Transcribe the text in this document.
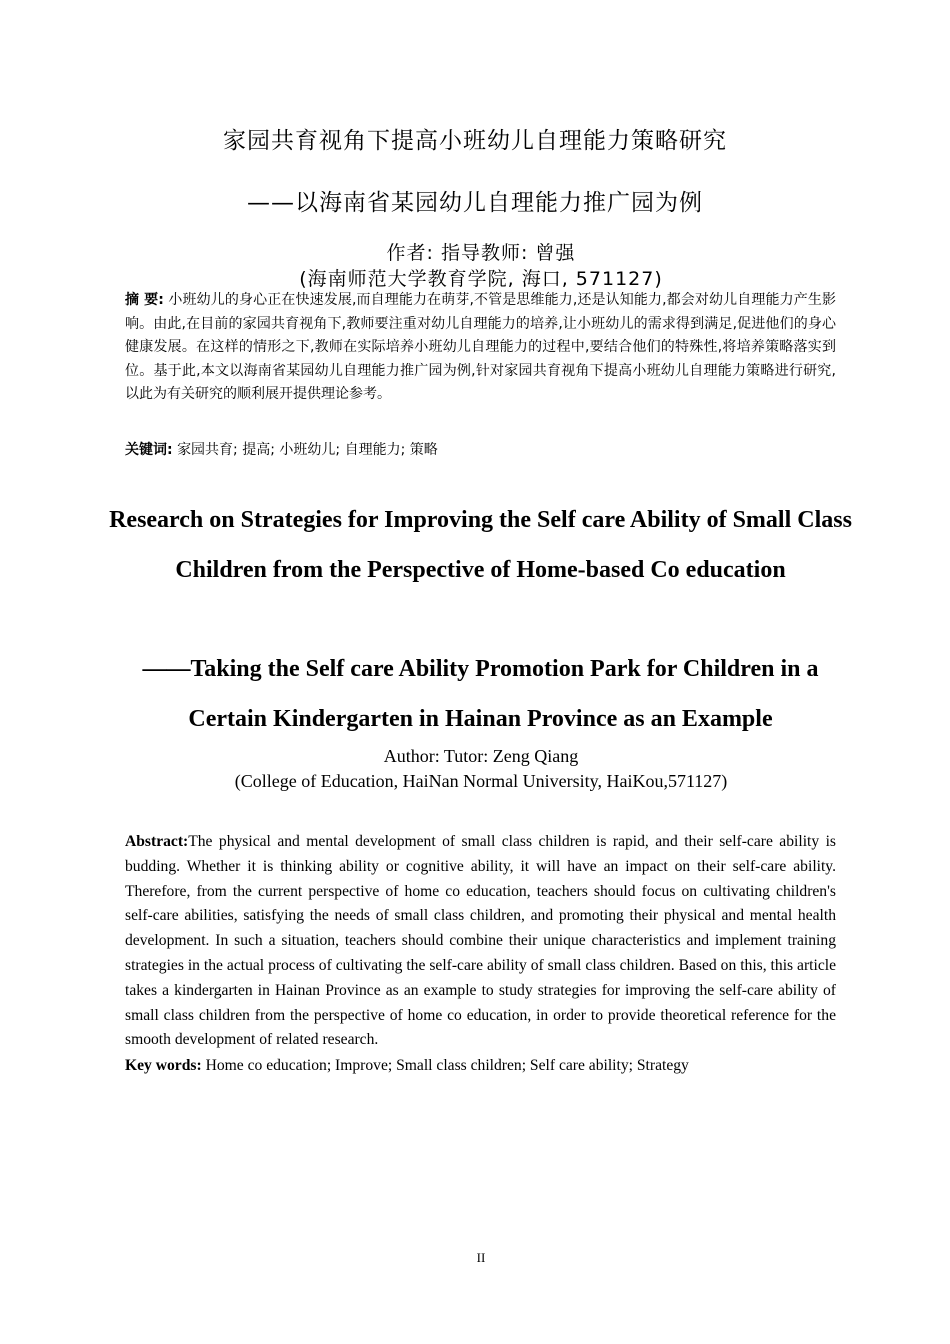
家园共育视角下提高小班幼儿自理能力策略研究
——以海南省某园幼儿自理能力推广园为例
作者: 指导教师: 曾强
(海南师范大学教育学院, 海口, 571127)
摘 要: 小班幼儿的身心正在快速发展,而自理能力在萌芽,不管是思维能力,还是认知能力,都会对幼儿自理能力产生影响。由此,在目前的家园共育视角下,教师要注重对幼儿自理能力的培养,让小班幼儿的需求得到满足,促进他们的身心健康发展。在这样的情形之下,教师在实际培养小班幼儿自理能力的过程中,要结合他们的特殊性,将培养策略落实到位。基于此,本文以海南省某园幼儿自理能力推广园为例,针对家园共育视角下提高小班幼儿自理能力策略进行研究,以此为有关研究的顺利展开提供理论参考。
关键词: 家园共育; 提高; 小班幼儿; 自理能力; 策略
Research on Strategies for Improving the Self care Ability of Small Class Children from the Perspective of Home-based Co education
——Taking the Self care Ability Promotion Park for Children in a Certain Kindergarten in Hainan Province as an Example
Author: Tutor: Zeng Qiang
(College of Education, HaiNan Normal University, HaiKou,571127)
Abstract:The physical and mental development of small class children is rapid, and their self-care ability is budding. Whether it is thinking ability or cognitive ability, it will have an impact on their self-care ability. Therefore, from the current perspective of home co education, teachers should focus on cultivating children's self-care abilities, satisfying the needs of small class children, and promoting their physical and mental health development. In such a situation, teachers should combine their unique characteristics and implement training strategies in the actual process of cultivating the self-care ability of small class children. Based on this, this article takes a kindergarten in Hainan Province as an example to study strategies for improving the self-care ability of small class children from the perspective of home co education, in order to provide theoretical reference for the smooth development of related research.
Key words: Home co education; Improve; Small class children; Self care ability; Strategy
II
